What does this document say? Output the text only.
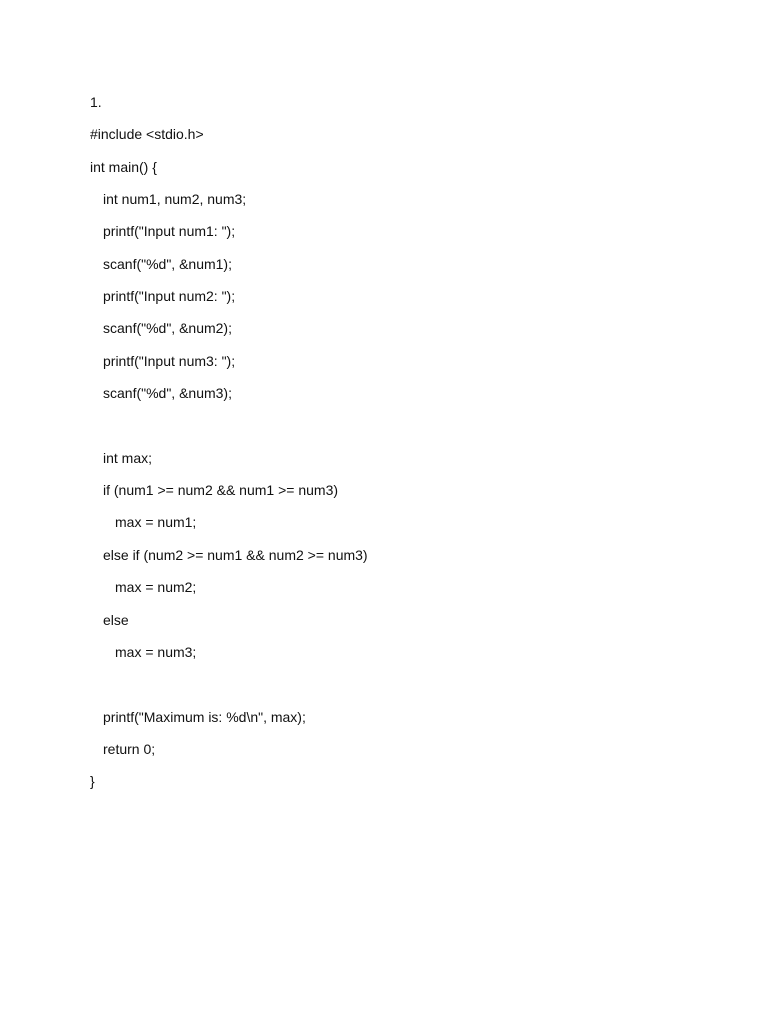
1.

#include <stdio.h>

int main() {

int num1, num2, num3;

printf("Input num1: ");

scanf("%d", &num1);

printf("Input num2: ");

scanf("%d", &num2);

printf("Input num3: ");

scanf("%d", &num3);

int max;

if (num1 >= num2 && num1 >= num3)

max = num1;

else if (num2 >= num1 && num2 >= num3)

max = num2;

else

max = num3;

printf("Maximum is: %d\n", max);

return 0;

}
